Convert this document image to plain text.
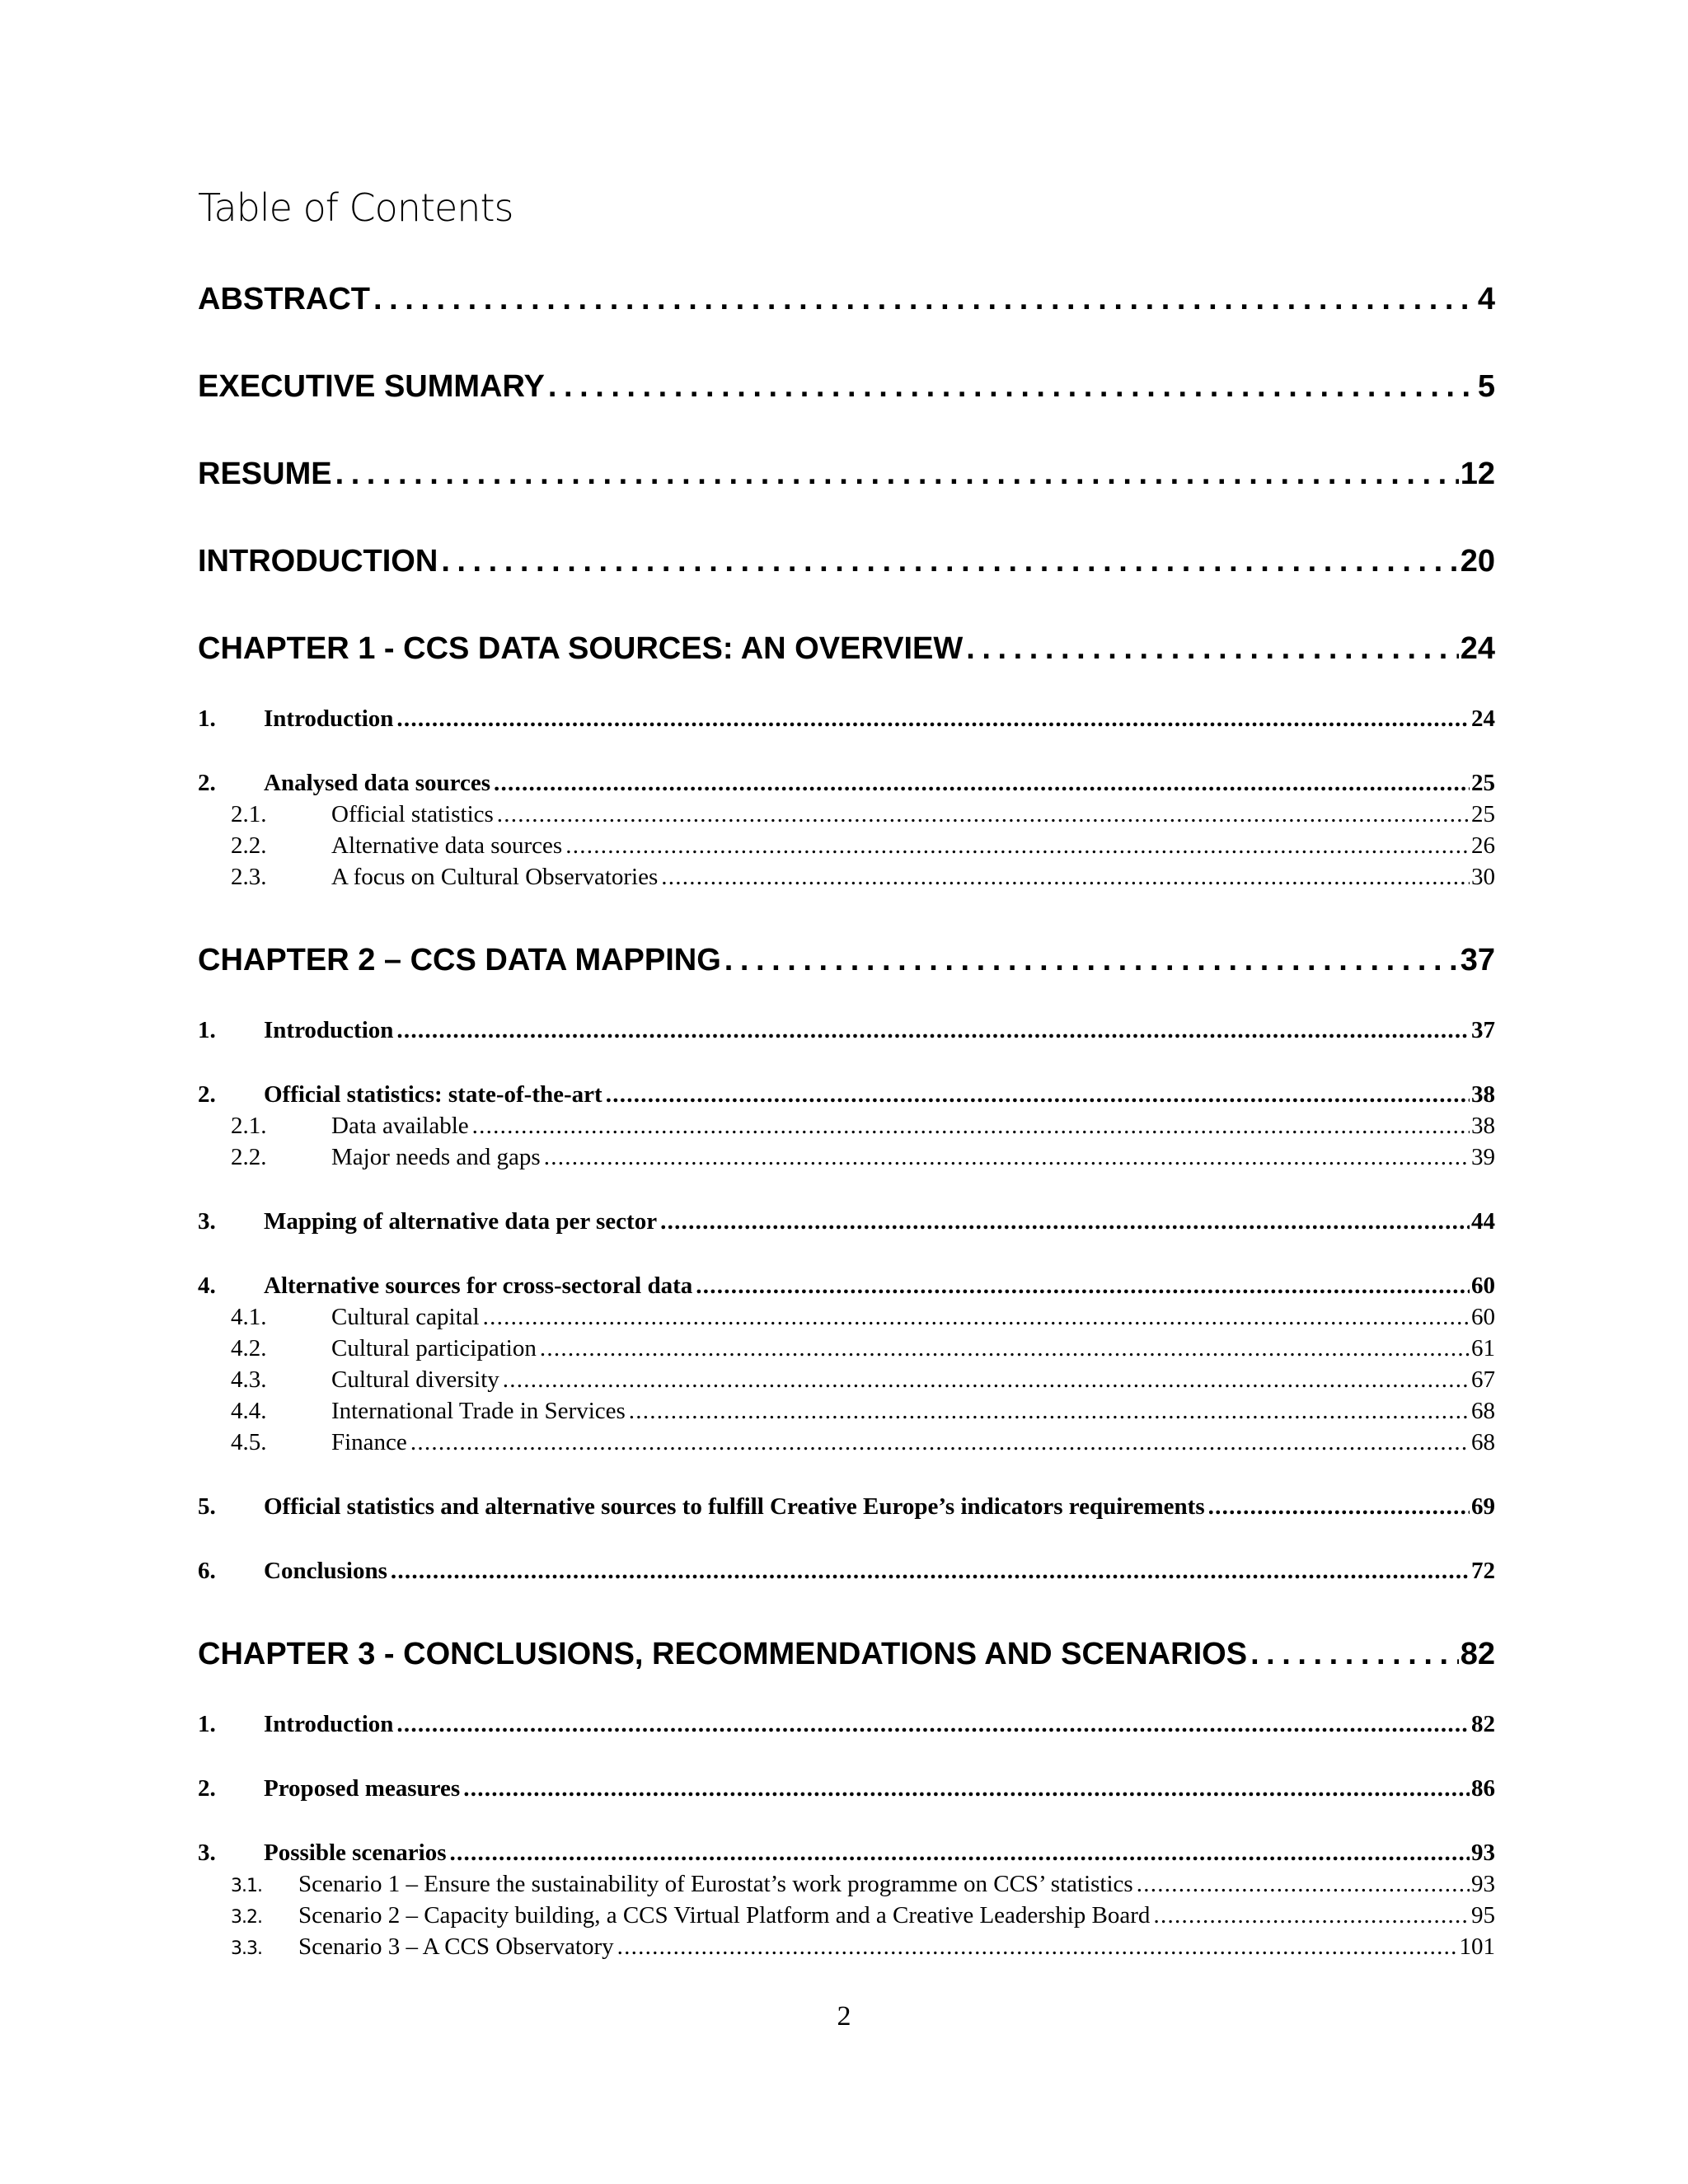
Table of Contents
ABSTRACT . . .	4
EXECUTIVE SUMMARY . . .	5
RESUME . . .	12
INTRODUCTION . . .	20
CHAPTER 1 - CCS DATA SOURCES: AN OVERVIEW . . .	24
1.	Introduction . . .	24
2.	Analysed data sources . . .	25
2.1.	Official statistics . . .	25
2.2.	Alternative data sources . . .	26
2.3.	A focus on Cultural Observatories . . .	30
CHAPTER 2 – CCS DATA MAPPING . . .	37
1.	Introduction . . .	37
2.	Official statistics: state-of-the-art . . .	38
2.1.	Data available . . .	38
2.2.	Major needs and gaps . . .	39
3.	Mapping of alternative data per sector . . .	44
4.	Alternative sources for cross-sectoral data . . .	60
4.1.	Cultural capital . . .	60
4.2.	Cultural participation . . .	61
4.3.	Cultural diversity . . .	67
4.4.	International Trade in Services . . .	68
4.5.	Finance . . .	68
5.	Official statistics and alternative sources to fulfill Creative Europe’s indicators requirements . . .	69
6.	Conclusions . . .	72
CHAPTER 3 - CONCLUSIONS, RECOMMENDATIONS AND SCENARIOS . . .	82
1.	Introduction . . .	82
2.	Proposed measures . . .	86
3.	Possible scenarios . . .	93
3.1.	Scenario 1 – Ensure the sustainability of Eurostat’s work programme on CCS’ statistics . . .	93
3.2.	Scenario 2 – Capacity building, a CCS Virtual Platform and a Creative Leadership Board . . .	95
3.3.	Scenario 3 – A CCS Observatory . . .	101
2
